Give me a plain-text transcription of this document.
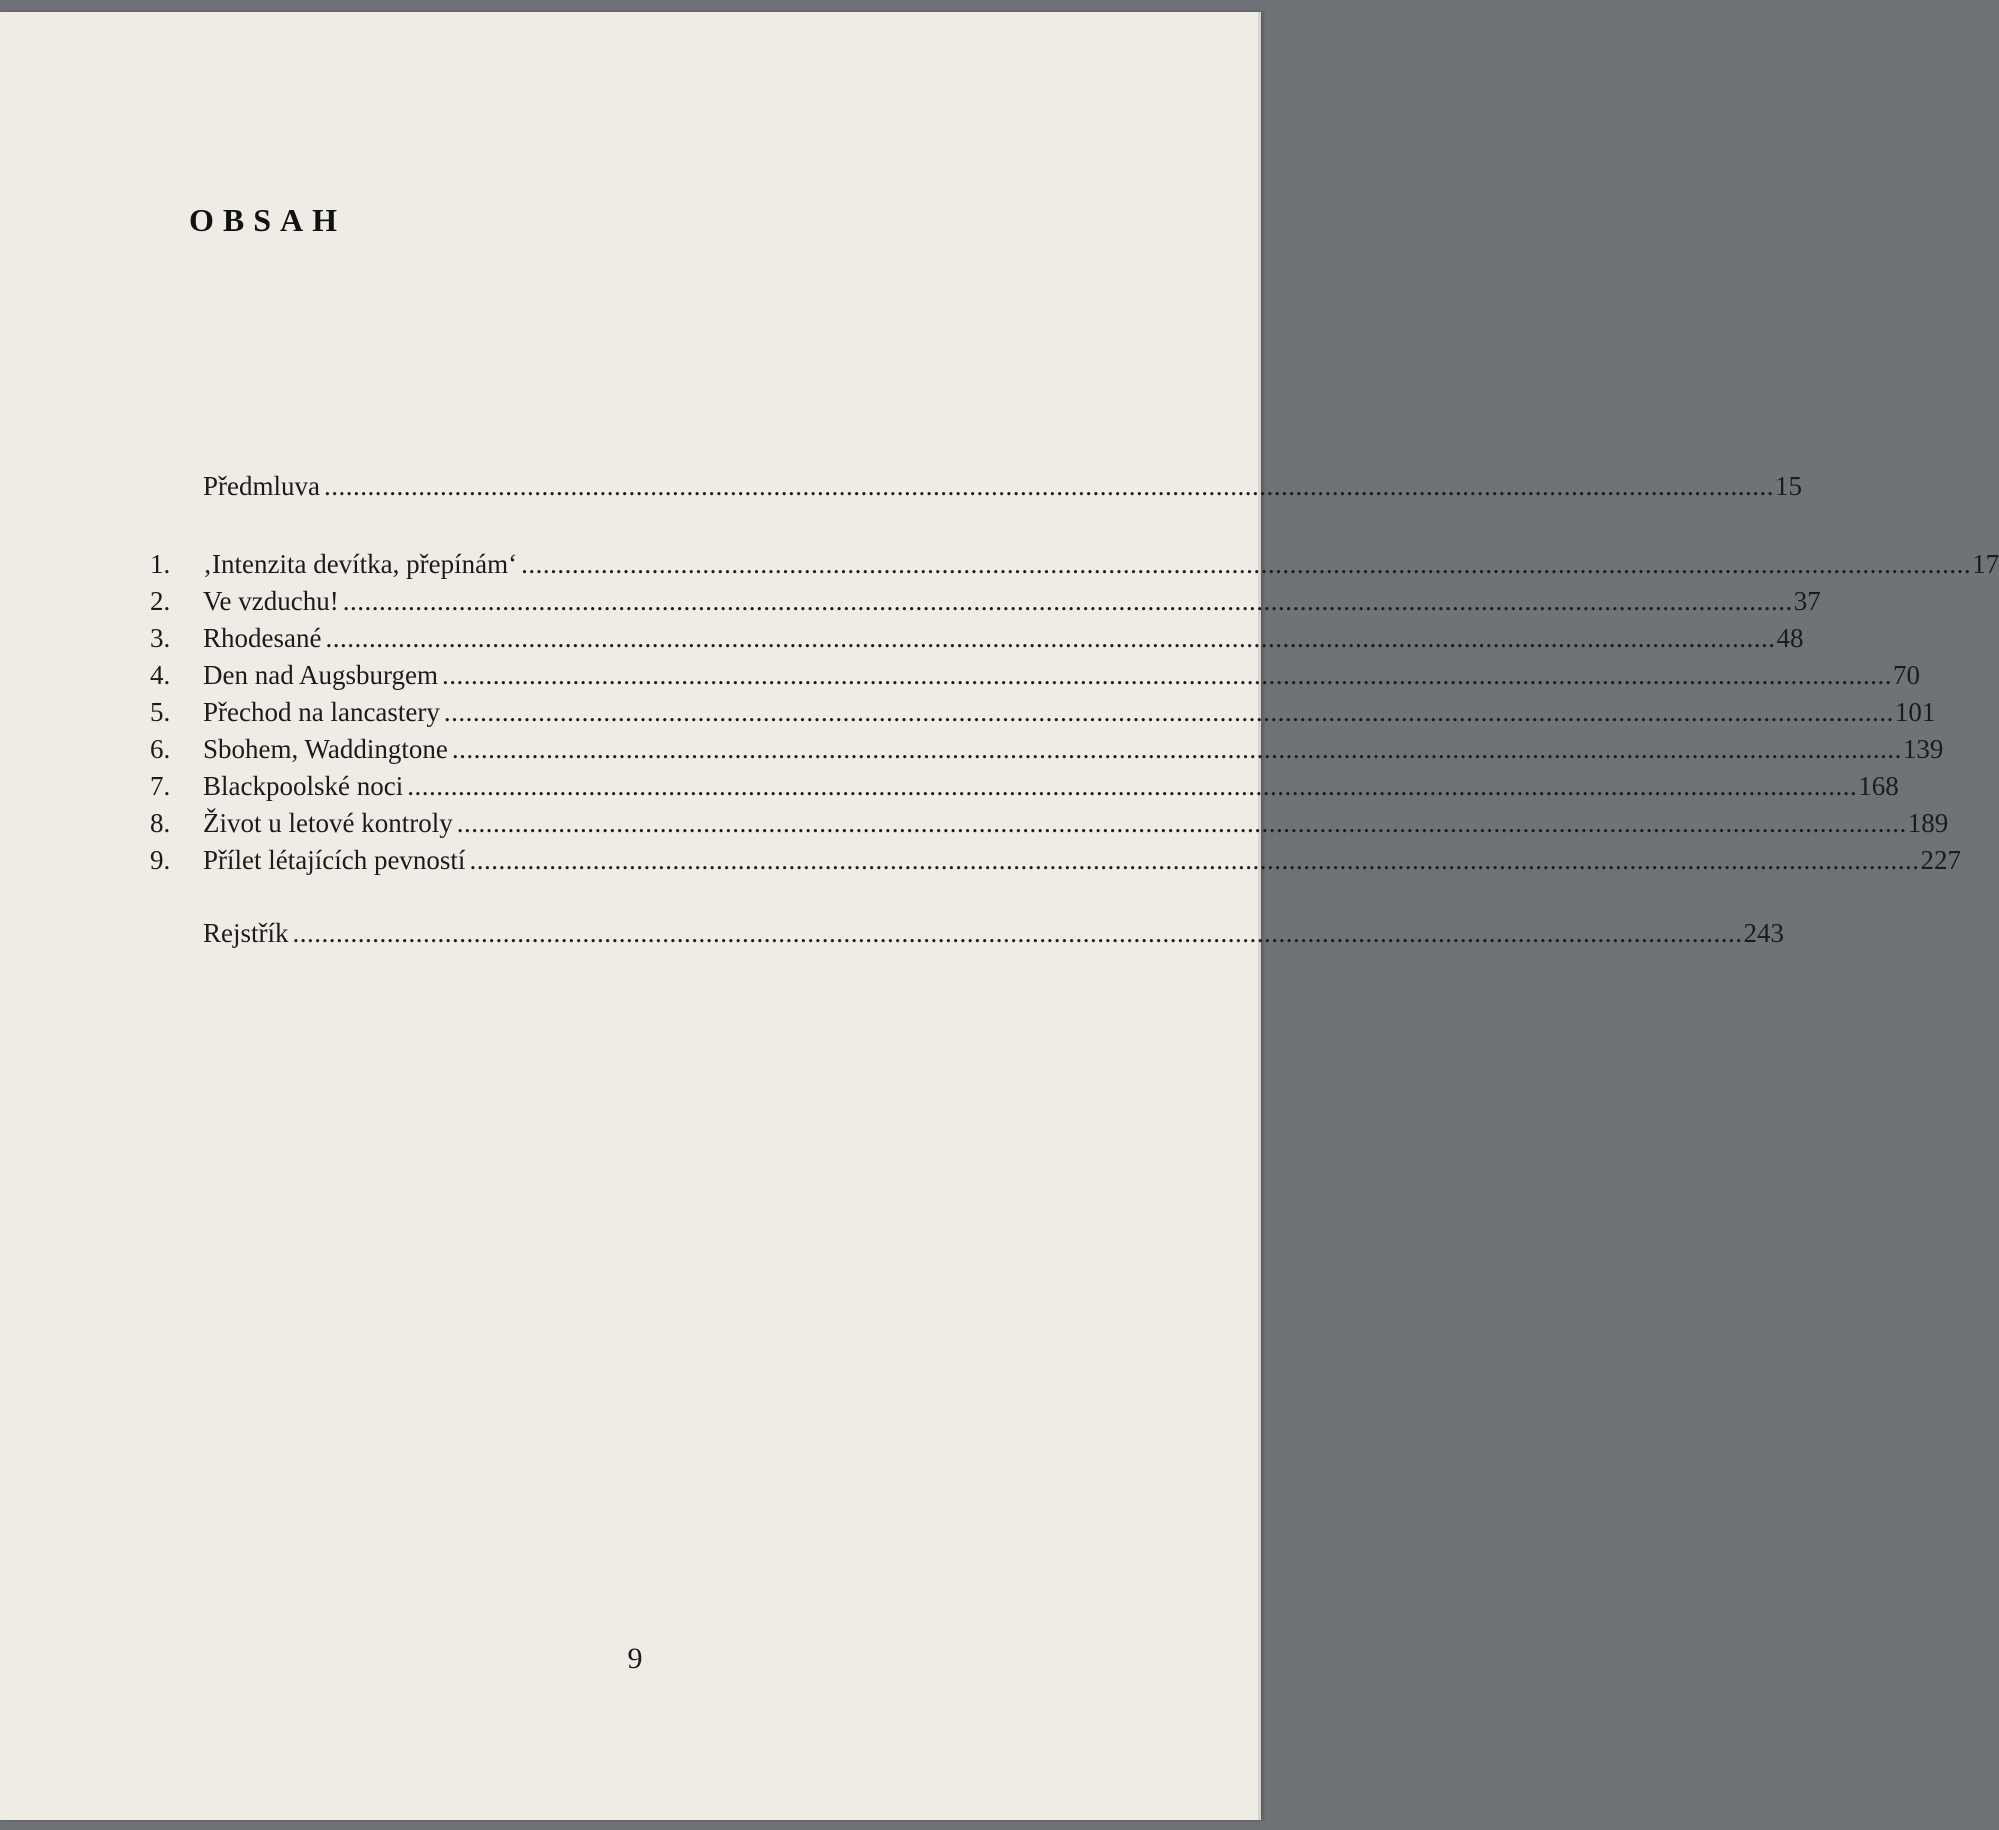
OBSAH
Předmluva ........................................................................................................................................................................................................ 15
1.	‚Intenzita devítka, přepínám‘ ........................................................................................................................................................................................................ 17
2.	Ve vzduchu! ........................................................................................................................................................................................................ 37
3.	Rhodesané ........................................................................................................................................................................................................ 48
4.	Den nad Augsburgem ........................................................................................................................................................................................................ 70
5.	Přechod na lancastery ........................................................................................................................................................................................................ 101
6.	Sbohem, Waddingtone ........................................................................................................................................................................................................ 139
7.	Blackpoolské noci ........................................................................................................................................................................................................ 168
8.	Život u letové kontroly ........................................................................................................................................................................................................ 189
9.	Přílet létajících pevností ........................................................................................................................................................................................................ 227
Rejstřík ........................................................................................................................................................................................................ 243
9
